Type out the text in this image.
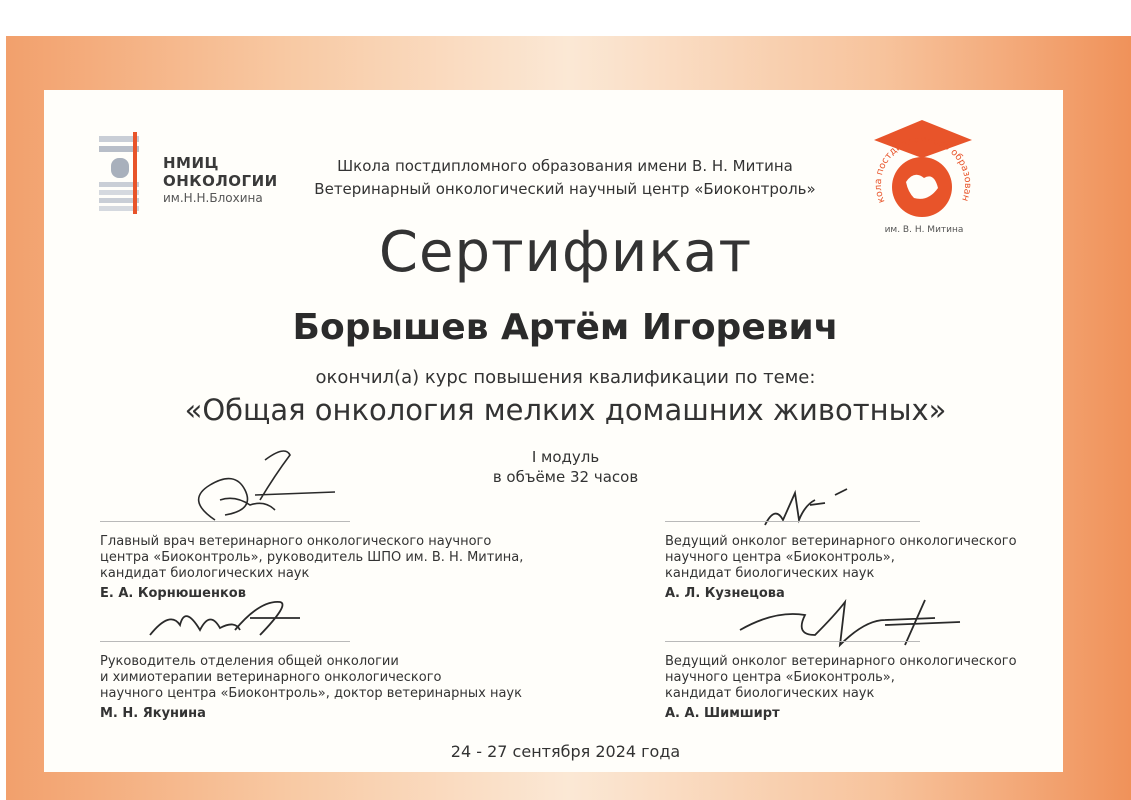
НМИЦ
ОНКОЛОГИИ
им.Н.Н.Блохина
Школа постдипломного образования имени В. Н. Митина
Ветеринарный онкологический научный центр «Биоконтроль»
кола постдипломного образован
им. В. Н. Митина
Сертификат
Борышев Артём Игоревич
окончил(а) курс повышения квалификации по теме:
«Общая онкология мелких домашних животных»
I модуль
в объёме 32 часов
Главный врач ветеринарного онкологического научного
центра «Биоконтроль», руководитель ШПО им. В. Н. Митина,
кандидат биологических наук
Е. А. Корнюшенков
Ведущий онколог ветеринарного онкологического
научного центра «Биоконтроль»,
кандидат биологических наук
А. Л. Кузнецова
Руководитель отделения общей онкологии
и химиотерапии ветеринарного онкологического
научного центра «Биоконтроль», доктор ветеринарных наук
М. Н. Якунина
Ведущий онколог ветеринарного онкологического
научного центра «Биоконтроль»,
кандидат биологических наук
А. А. Шимширт
24 - 27 сентября 2024 года
